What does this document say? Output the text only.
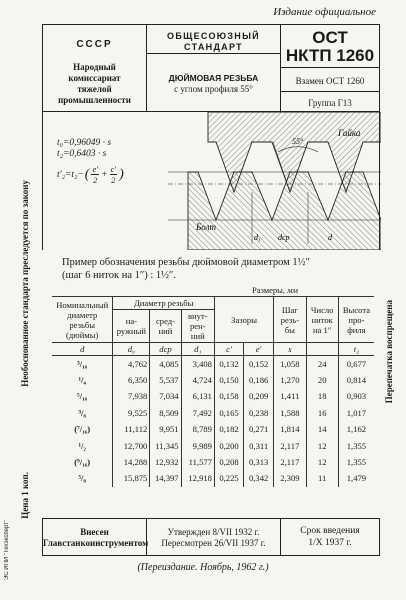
Издание официальное
СССР
Народный
комиссариат
тяжелой
промышленности
ОБЩЕСОЮЗНЫЙ
СТАНДАРТ
ДЮЙМОВАЯ РЕЗЬБА
с углом профиля 55°
ОСТ
НКТП 1260
Взамен ОСТ 1260
Группа Г13
t₀=0,96049 · s
t₂=0,6403 · s
t′₂=t₂− ( e′
2
+ $\frac{c'}{2}$ )
55°
Гайка
Болт
d₁ dcp	d
Пример обозначения резьбы дюймовой диаметром 1½″
(шаг 6 ниток на 1″) : 1½″.
Размеры, мм
Номинальный диаметр резьбы (дюймы)	Диаметр резьбы			Зазоры		Шаг резь-бы	Число ниток на 1″	Высота про-филя
	на-ружный	сред-ний	внут-рен-ний					
d	d₀	dcp	d₁	c′	e′	s		t₂
³/₁₆	4,762	4,085	3,408	0,132	0,152	1,058	24	0,677
¹/₄	6,350	5,537	4,724	0,150	0,186	1,270	20	0,814
⁵/₁₆	7,938	7,034	6,131	0,158	0,209	1,411	18	0,903
³/₈	9,525	8,509	7,492	0,165	0,238	1,588	16	1,017
(⁷/₁₆)	11,112	9,951	8,789	0,182	0,271	1,814	14	1,162
¹/₂	12,700	11,345	9,989	0,200	0,311	2,117	12	1,355
(⁹/₁₆)	14,288	12,932	11,577	0,208	0,313	2,117	12	1,355
⁵/₈	15,875	14,397	12,918	0,225	0,342	2,309	11	1,479
Внесен
Главстанкоинструментом
Утвержден 8/VII 1932 г.
Пересмотрен 26/VII 1937 г.
Срок введения
1/X 1937 г.
(Переиздание. Ноябрь, 1962 г.)
Необоснованное стандарта преследуется по закону
Цена 1 коп.
ЭС ИПИ "Техэксперт"
Перепечатка воспрещена
